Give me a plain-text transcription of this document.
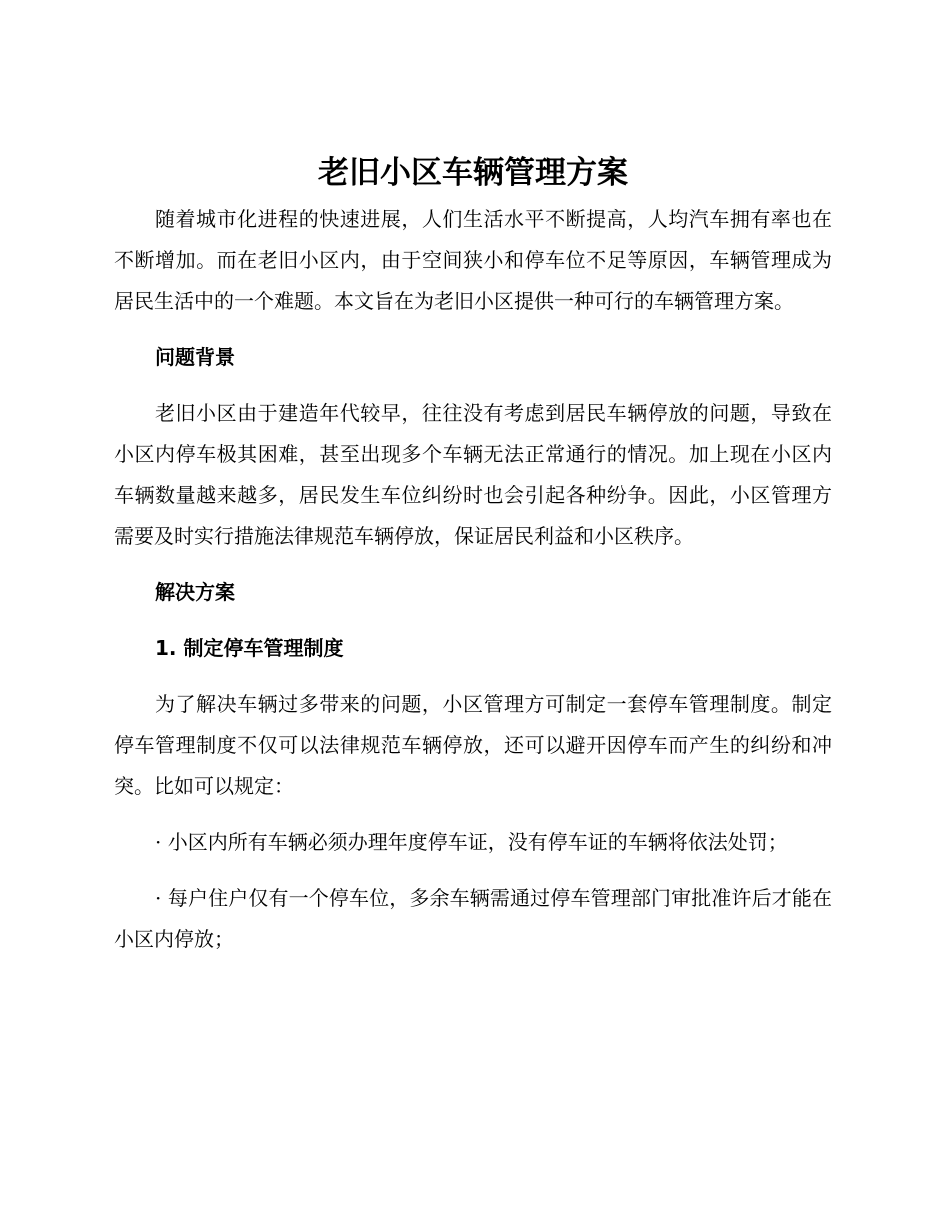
老旧小区车辆管理方案

随着城市化进程的快速进展，人们生活水平不断提高，人均汽车拥有率也在不断增加。而在老旧小区内，由于空间狭小和停车位不足等原因，车辆管理成为居民生活中的一个难题。本文旨在为老旧小区提供一种可行的车辆管理方案。

问题背景

老旧小区由于建造年代较早，往往没有考虑到居民车辆停放的问题，导致在小区内停车极其困难，甚至出现多个车辆无法正常通行的情况。加上现在小区内车辆数量越来越多，居民发生车位纠纷时也会引起各种纷争。因此，小区管理方需要及时实行措施法律规范车辆停放，保证居民利益和小区秩序。

解决方案
1. 制定停车管理制度

为了解决车辆过多带来的问题，小区管理方可制定一套停车管理制度。制定停车管理制度不仅可以法律规范车辆停放，还可以避开因停车而产生的纠纷和冲突。比如可以规定：

· 小区内所有车辆必须办理年度停车证，没有停车证的车辆将依法处罚；

· 每户住户仅有一个停车位，多余车辆需通过停车管理部门审批准许后才能在小区内停放；
